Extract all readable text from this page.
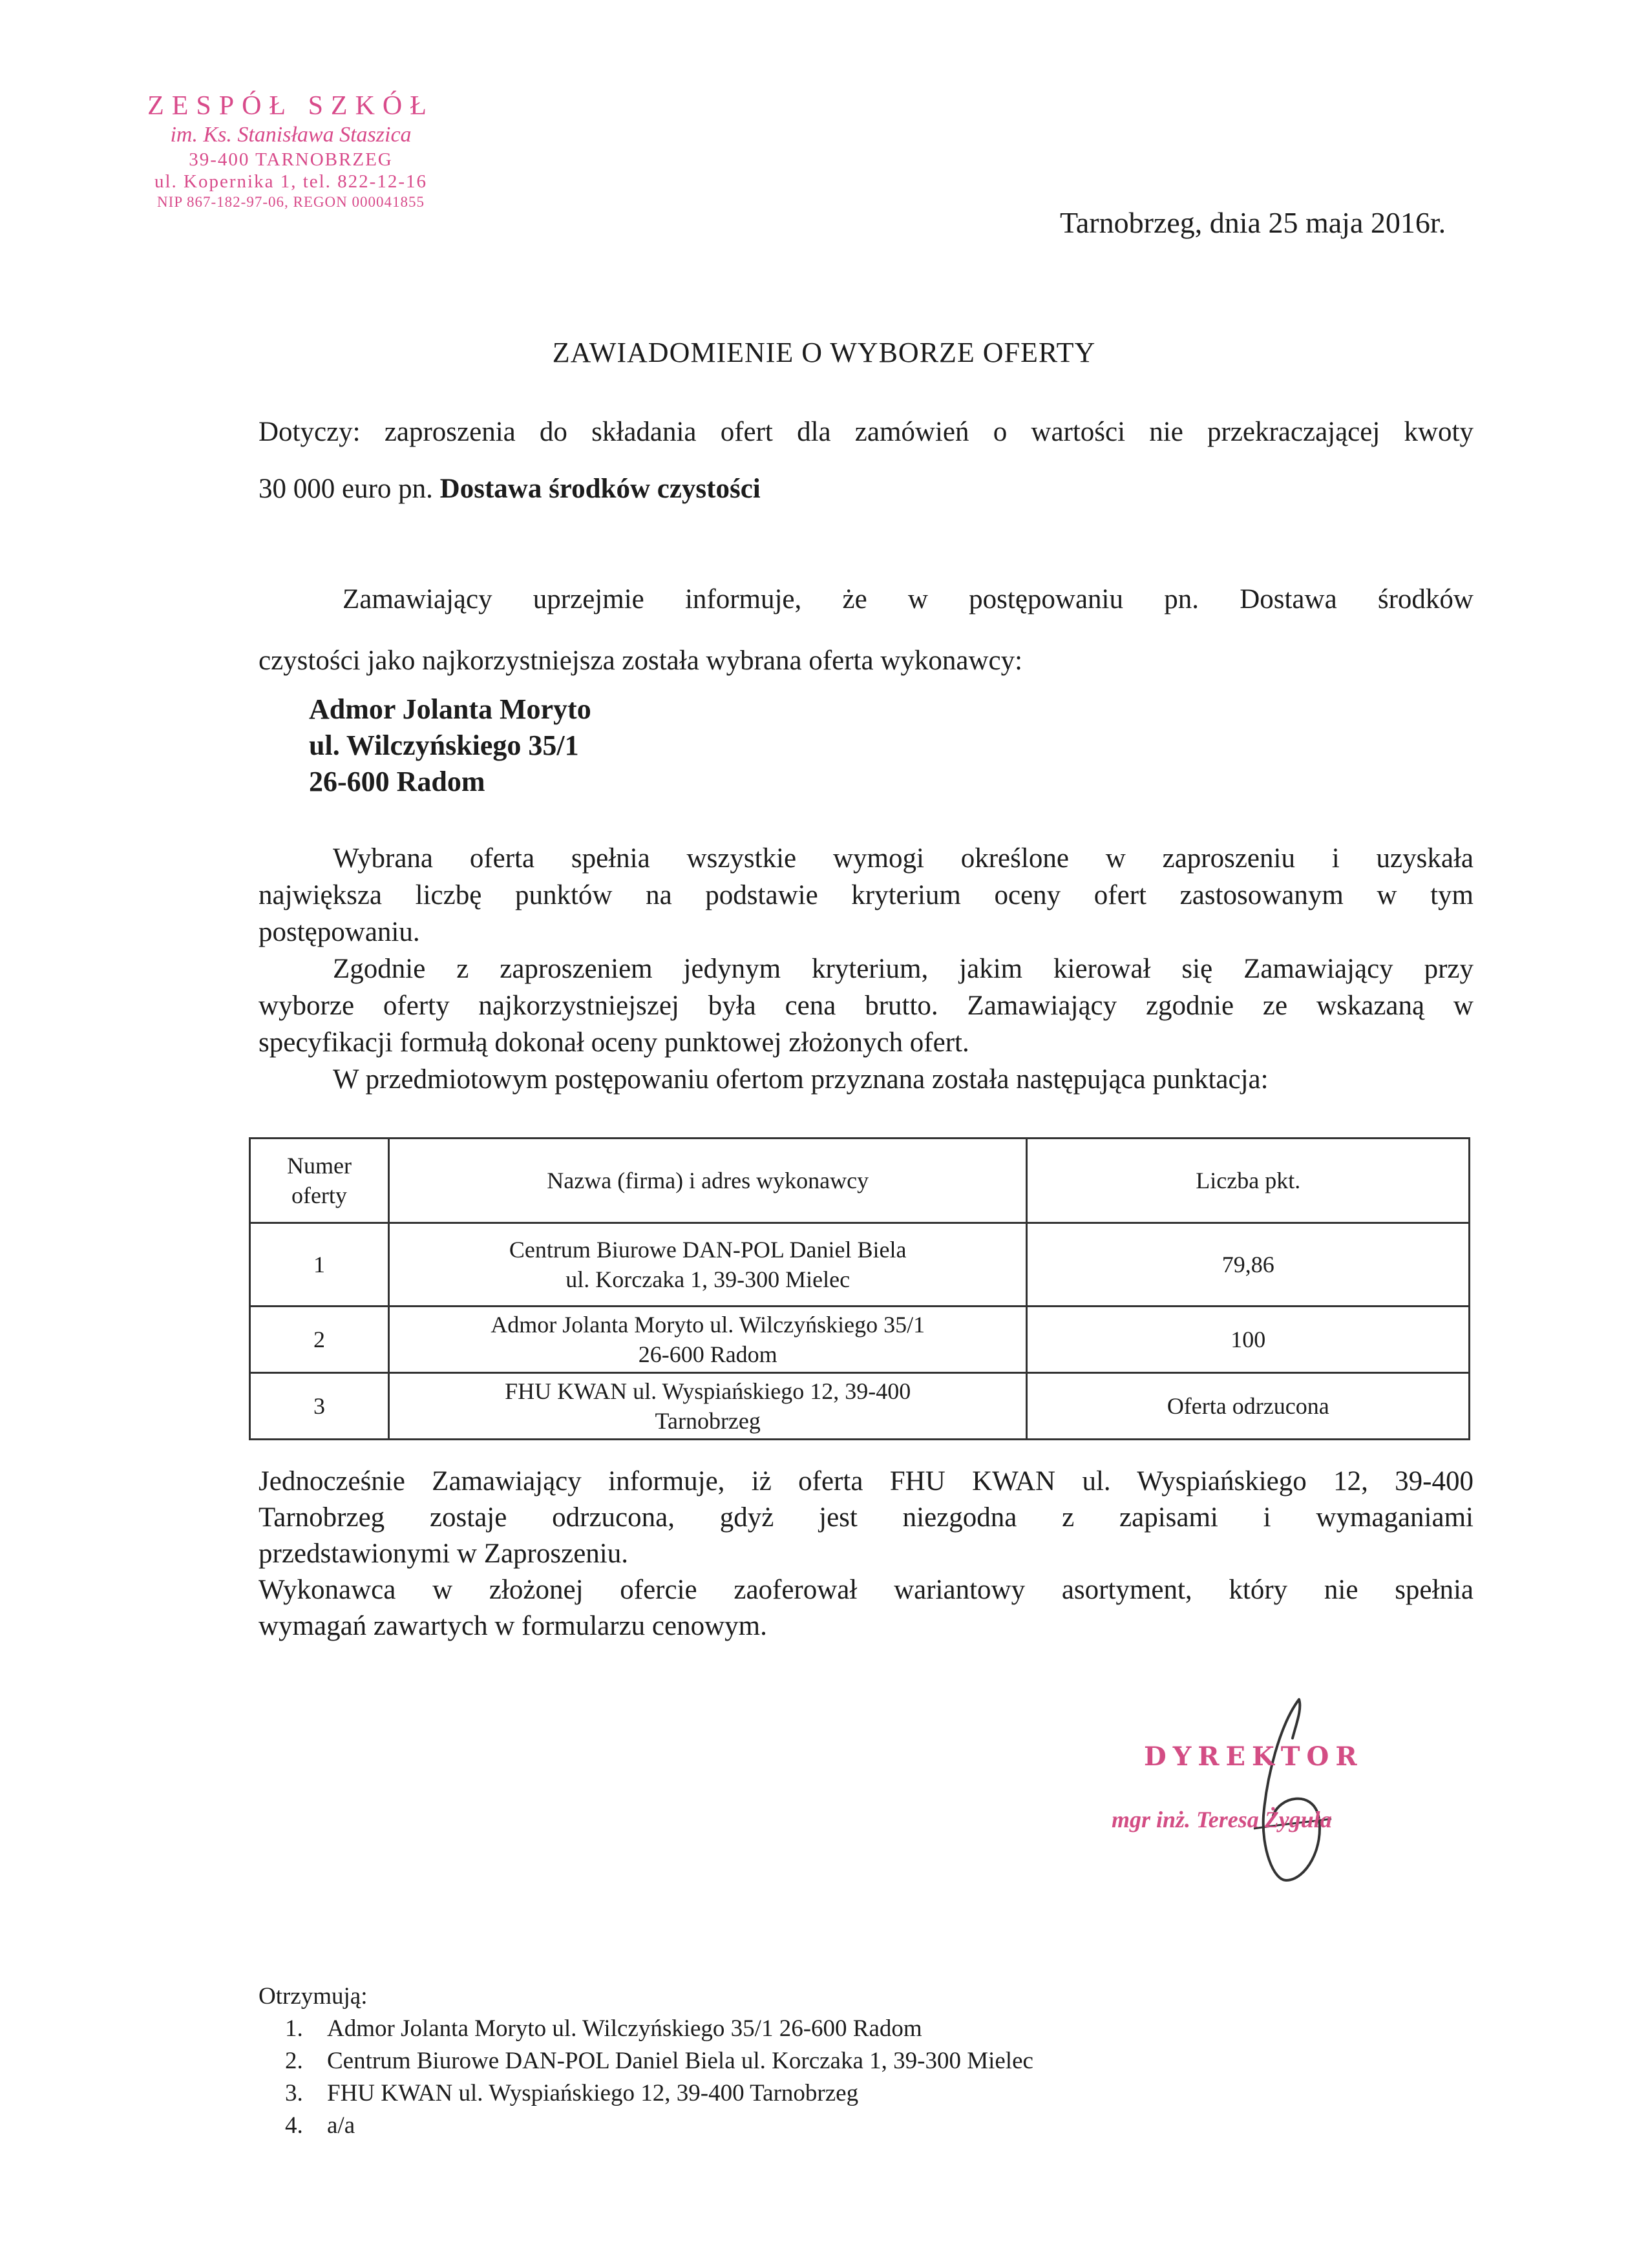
ZESPÓŁ SZKÓŁ
im. Ks. Stanisława Staszica
39-400 TARNOBRZEG
ul. Kopernika 1, tel. 822-12-16
NIP 867-182-97-06, REGON 000041855
Tarnobrzeg, dnia 25 maja 2016r.
ZAWIADOMIENIE O WYBORZE OFERTY
Dotyczy: zaproszenia do składania ofert dla zamówień o wartości nie przekraczającej kwoty
30 000 euro pn. Dostawa środków czystości
Zamawiający uprzejmie informuje, że w postępowaniu pn. Dostawa środków
czystości jako najkorzystniejsza została wybrana oferta wykonawcy:
Admor Jolanta Moryto
ul. Wilczyńskiego 35/1
26-600 Radom
Wybrana oferta spełnia wszystkie wymogi określone w zaproszeniu i uzyskała
największa liczbę punktów na podstawie kryterium oceny ofert zastosowanym w tym
postępowaniu.
Zgodnie z zaproszeniem jedynym kryterium, jakim kierował się Zamawiający przy
wyborze oferty najkorzystniejszej była cena brutto. Zamawiający zgodnie ze wskazaną w
specyfikacji formułą dokonał oceny punktowej złożonych ofert.
W przedmiotowym postępowaniu ofertom przyznana została następująca punktacja:
Numer oferty	Nazwa (firma) i adres wykonawcy	Liczba pkt.
1	Centrum Biurowe DAN-POL Daniel Biela
ul. Korczaka 1, 39-300 Mielec	79,86
2	Admor Jolanta Moryto ul. Wilczyńskiego 35/1
26-600 Radom	100
3	FHU KWAN ul. Wyspiańskiego 12, 39-400
Tarnobrzeg	Oferta odrzucona
Jednocześnie Zamawiający informuje, iż oferta FHU KWAN ul. Wyspiańskiego 12, 39-400
Tarnobrzeg zostaje odrzucona, gdyż jest niezgodna z zapisami i wymaganiami
przedstawionymi w Zaproszeniu.
Wykonawca w złożonej ofercie zaoferował wariantowy asortyment, który nie spełnia
wymagań zawartych w formularzu cenowym.
DYREKTOR
mgr inż. Teresa Żyguła
Otrzymują:
1. Admor Jolanta Moryto ul. Wilczyńskiego 35/1 26-600 Radom
2. Centrum Biurowe DAN-POL Daniel Biela ul. Korczaka 1, 39-300 Mielec
3. FHU KWAN ul. Wyspiańskiego 12, 39-400 Tarnobrzeg
4. a/a
